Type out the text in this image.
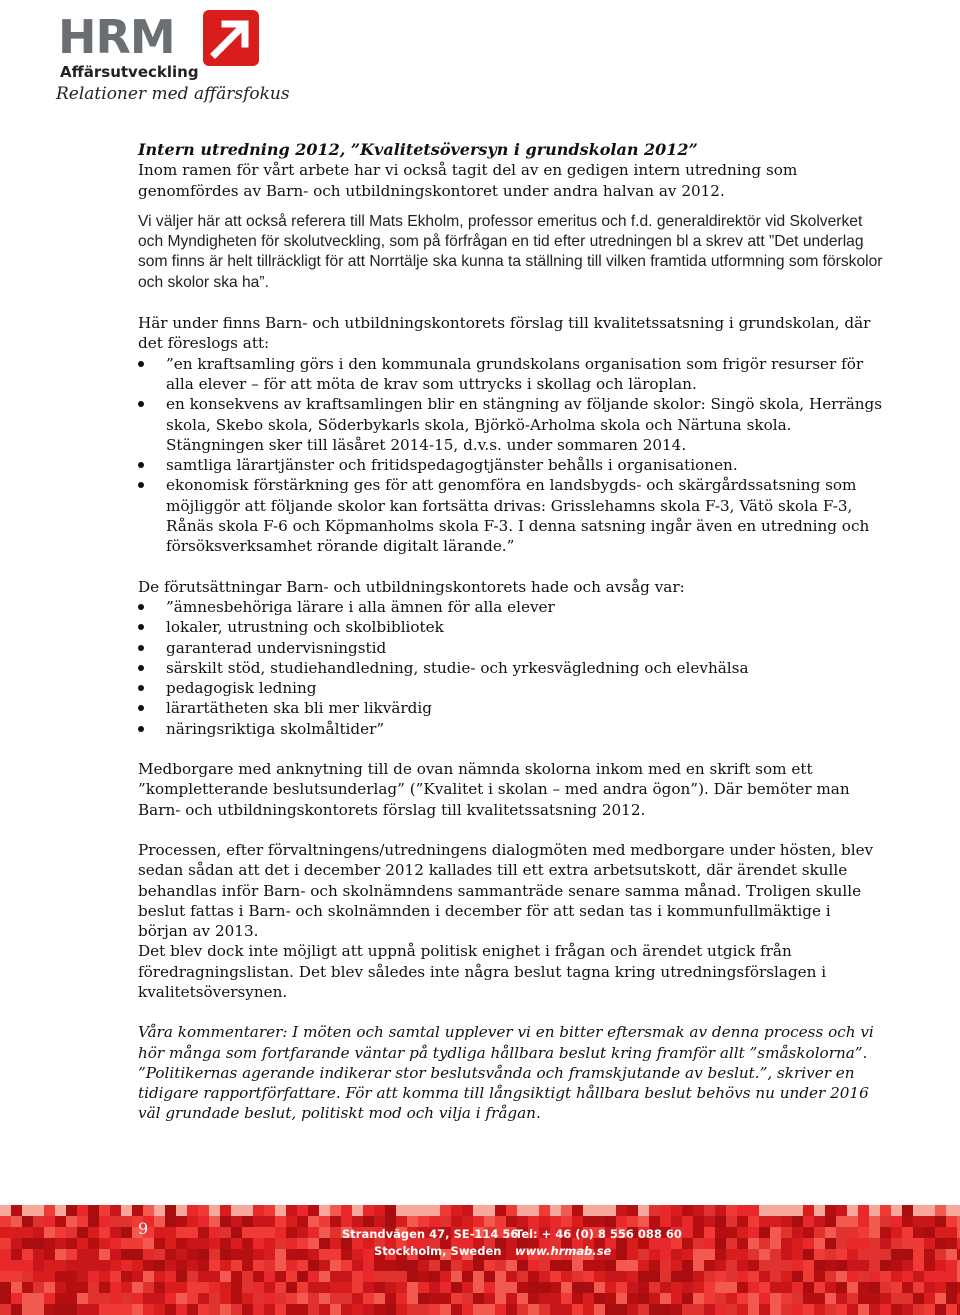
HRM
Affärsutveckling
Relationer med affärsfokus

Intern utredning 2012, ”Kvalitetsöversyn i grundskolan 2012”

Inom ramen för vårt arbete har vi också tagit del av en gedigen intern utredning som genomfördes av Barn- och utbildningskontoret under andra halvan av 2012.

Vi väljer här att också referera till Mats Ekholm, professor emeritus och f.d. generaldirektör vid Skolverket och Myndigheten för skolutveckling, som på förfrågan en tid efter utredningen bl a skrev att ”Det underlag som finns är helt tillräckligt för att Norrtälje ska kunna ta ställning till vilken framtida utformning som förskolor och skolor ska ha”.

Här under finns Barn- och utbildningskontorets förslag till kvalitetssatsning i grundskolan, där det föreslogs att:

”en kraftsamling görs i den kommunala grundskolans organisation som frigör resurser för alla elever – för att möta de krav som uttrycks i skollag och läroplan.
en konsekvens av kraftsamlingen blir en stängning av följande skolor: Singö skola, Herrängs skola, Skebo skola, Söderbykarls skola, Björkö-Arholma skola och Närtuna skola. Stängningen sker till läsåret 2014-15, d.v.s. under sommaren 2014.
samtliga lärartjänster och fritidspedagogtjänster behålls i organisationen.
ekonomisk förstärkning ges för att genomföra en landsbygds- och skärgårdssatsning som möjliggör att följande skolor kan fortsätta drivas: Grisslehamns skola F-3, Vätö skola F-3, Rånäs skola F-6 och Köpmanholms skola F-3. I denna satsning ingår även en utredning och försöksverksamhet rörande digitalt lärande.”

De förutsättningar Barn- och utbildningskontorets hade och avsåg var:

”ämnesbehöriga lärare i alla ämnen för alla elever
lokaler, utrustning och skolbibliotek
garanterad undervisningstid
särskilt stöd, studiehandledning, studie- och yrkesvägledning och elevhälsa
pedagogisk ledning
lärartätheten ska bli mer likvärdig
näringsriktiga skolmåltider”

Medborgare med anknytning till de ovan nämnda skolorna inkom med en skrift som ett ”kompletterande beslutsunderlag” (”Kvalitet i skolan – med andra ögon”). Där bemöter man Barn- och utbildningskontorets förslag till kvalitetssatsning 2012.

Processen, efter förvaltningens/utredningens dialogmöten med medborgare under hösten, blev sedan sådan att det i december 2012 kallades till ett extra arbetsutskott, där ärendet skulle behandlas inför Barn- och skolnämndens sammanträde senare samma månad. Troligen skulle beslut fattas i Barn- och skolnämnden i december för att sedan tas i kommunfullmäktige i början av 2013.

Det blev dock inte möjligt att uppnå politisk enighet i frågan och ärendet utgick från föredragningslistan. Det blev således inte några beslut tagna kring utredningsförslagen i kvalitetsöversynen.

Våra kommentarer: I möten och samtal upplever vi en bitter eftersmak av denna process och vi hör många som fortfarande väntar på tydliga hållbara beslut kring framför allt ”småskolorna”. ”Politikernas agerande indikerar stor beslutsvånda och framskjutande av beslut.”, skriver en tidigare rapportförfattare. För att komma till långsiktigt hållbara beslut behövs nu under 2016 väl grundade beslut, politiskt mod och vilja i frågan.

9	Strandvägen 47, SE-114 56
Stockholm, Sweden
Tel: + 46 (0) 8 556 088 60
www.hrmab.se
